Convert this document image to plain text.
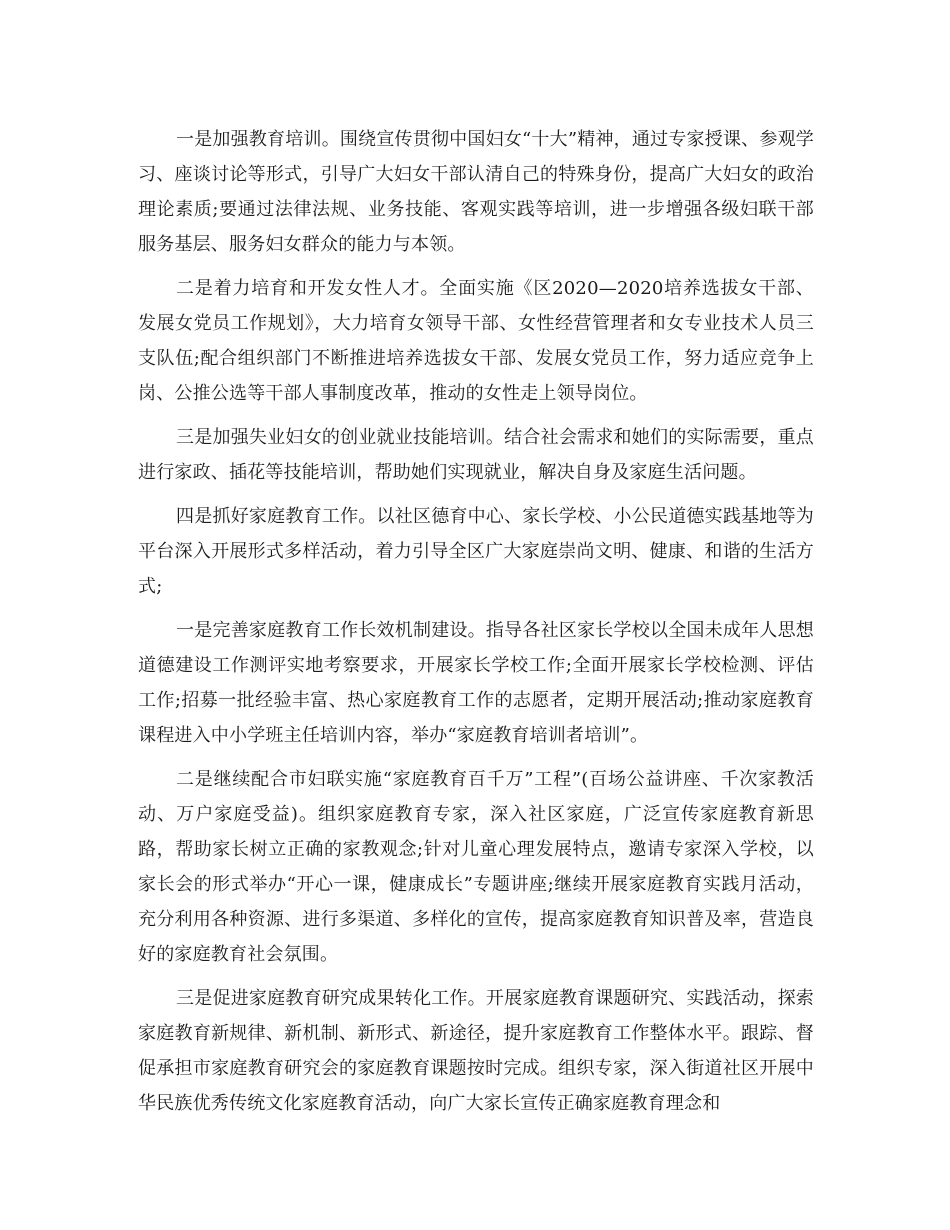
一是加强教育培训。围绕宣传贯彻中国妇女“十大”精神，通过专家授课、参观学习、座谈讨论等形式，引导广大妇女干部认清自己的特殊身份，提高广大妇女的政治理论素质;要通过法律法规、业务技能、客观实践等培训，进一步增强各级妇联干部服务基层、服务妇女群众的能力与本领。

二是着力培育和开发女性人才。全面实施《区2020—2020培养选拔女干部、发展女党员工作规划》，大力培育女领导干部、女性经营管理者和女专业技术人员三支队伍;配合组织部门不断推进培养选拔女干部、发展女党员工作，努力适应竞争上岗、公推公选等干部人事制度改革，推动的女性走上领导岗位。

三是加强失业妇女的创业就业技能培训。结合社会需求和她们的实际需要，重点进行家政、插花等技能培训，帮助她们实现就业，解决自身及家庭生活问题。

四是抓好家庭教育工作。以社区德育中心、家长学校、小公民道德实践基地等为平台深入开展形式多样活动，着力引导全区广大家庭崇尚文明、健康、和谐的生活方式;

一是完善家庭教育工作长效机制建设。指导各社区家长学校以全国未成年人思想道德建设工作测评实地考察要求，开展家长学校工作;全面开展家长学校检测、评估工作;招募一批经验丰富、热心家庭教育工作的志愿者，定期开展活动;推动家庭教育课程进入中小学班主任培训内容，举办“家庭教育培训者培训”。

二是继续配合市妇联实施“家庭教育百千万”工程”(百场公益讲座、千次家教活动、万户家庭受益)。组织家庭教育专家，深入社区家庭，广泛宣传家庭教育新思路，帮助家长树立正确的家教观念;针对儿童心理发展特点，邀请专家深入学校，以家长会的形式举办“开心一课，健康成长”专题讲座;继续开展家庭教育实践月活动，充分利用各种资源、进行多渠道、多样化的宣传，提高家庭教育知识普及率，营造良好的家庭教育社会氛围。

三是促进家庭教育研究成果转化工作。开展家庭教育课题研究、实践活动，探索家庭教育新规律、新机制、新形式、新途径，提升家庭教育工作整体水平。跟踪、督促承担市家庭教育研究会的家庭教育课题按时完成。组织专家，深入街道社区开展中华民族优秀传统文化家庭教育活动，向广大家长宣传正确家庭教育理念和
